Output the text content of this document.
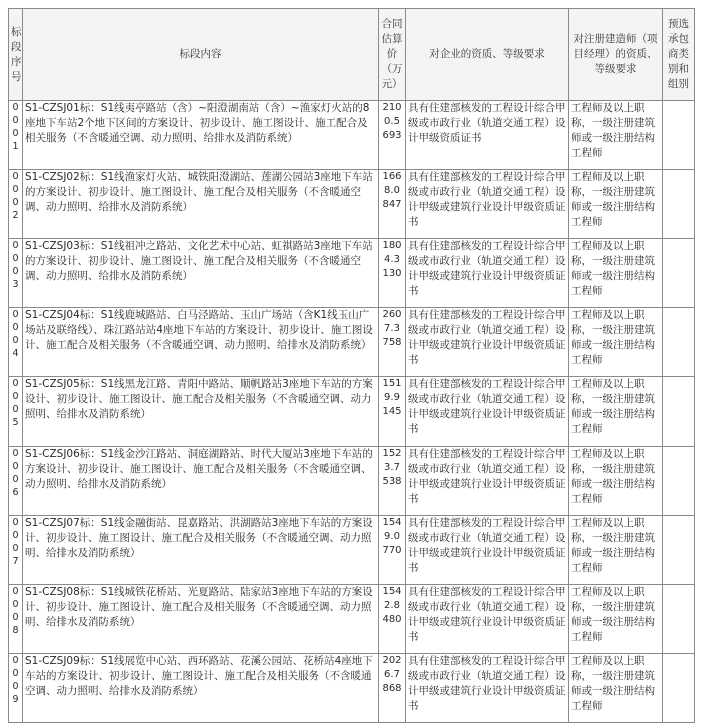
标段序号	标段内容	合同估算价（万元）	对企业的资质、等级要求	对注册建造师（项目经理）的资质、等级要求	预选承包商类别和组别
0001	S1-CZSJ01标：S1线夷亭路站（含）~阳澄湖南站（含）~渔家灯火站的8座地下车站2个地下区间的方案设计、初步设计、施工图设计、施工配合及相关服务（不含暖通空调、动力照明、给排水及消防系统）	2100.5693	具有住建部核发的工程设计综合甲级或市政行业（轨道交通工程）设计甲级资质证书	工程师及以上职称，一级注册建筑师或一级注册结构工程师	
0002	S1-CZSJ02标：S1线渔家灯火站、城铁阳澄湖站、莲湖公园站3座地下车站的方案设计、初步设计、施工图设计、施工配合及相关服务（不含暖通空调、动力照明、给排水及消防系统）	1668.0847	具有住建部核发的工程设计综合甲级或市政行业（轨道交通工程）设计甲级或建筑行业设计甲级资质证书	工程师及以上职称，一级注册建筑师或一级注册结构工程师	
0003	S1-CZSJ03标：S1线祖冲之路站、文化艺术中心站、虹祺路站3座地下车站的方案设计、初步设计、施工图设计、施工配合及相关服务（不含暖通空调、动力照明、给排水及消防系统）	1804.3130	具有住建部核发的工程设计综合甲级或市政行业（轨道交通工程）设计甲级或建筑行业设计甲级资质证书	工程师及以上职称，一级注册建筑师或一级注册结构工程师	
0004	S1-CZSJ04标：S1线鹿城路站、白马泾路站、玉山广场站（含K1线玉山广场站及联络线）、珠江路站站4座地下车站的方案设计、初步设计、施工图设计、施工配合及相关服务（不含暖通空调、动力照明、给排水及消防系统）	2607.3758	具有住建部核发的工程设计综合甲级或市政行业（轨道交通工程）设计甲级或建筑行业设计甲级资质证书	工程师及以上职称，一级注册建筑师或一级注册结构工程师	
0005	S1-CZSJ05标：S1线黑龙江路、青阳中路站、顺帆路站3座地下车站的方案设计、初步设计、施工图设计、施工配合及相关服务（不含暖通空调、动力照明、给排水及消防系统）	1519.9145	具有住建部核发的工程设计综合甲级或市政行业（轨道交通工程）设计甲级或建筑行业设计甲级资质证书	工程师及以上职称，一级注册建筑师或一级注册结构工程师	
0006	S1-CZSJ06标：S1线金沙江路站、洞庭湖路站、时代大厦站3座地下车站的方案设计、初步设计、施工图设计、施工配合及相关服务（不含暖通空调、动力照明、给排水及消防系统）	1523.7538	具有住建部核发的工程设计综合甲级或市政行业（轨道交通工程）设计甲级或建筑行业设计甲级资质证书	工程师及以上职称，一级注册建筑师或一级注册结构工程师	
0007	S1-CZSJ07标：S1线金融街站、昆嘉路站、洪湖路站3座地下车站的方案设计、初步设计、施工图设计、施工配合及相关服务（不含暖通空调、动力照明、给排水及消防系统）	1549.0770	具有住建部核发的工程设计综合甲级或市政行业（轨道交通工程）设计甲级或建筑行业设计甲级资质证书	工程师及以上职称，一级注册建筑师或一级注册结构工程师	
0008	S1-CZSJ08标：S1线城铁花桥站、光夏路站、陆家站3座地下车站的方案设计、初步设计、施工图设计、施工配合及相关服务（不含暖通空调、动力照明、给排水及消防系统）	1542.8480	具有住建部核发的工程设计综合甲级或市政行业（轨道交通工程）设计甲级或建筑行业设计甲级资质证书	工程师及以上职称，一级注册建筑师或一级注册结构工程师	
0009	S1-CZSJ09标：S1线展览中心站、西环路站、花溪公园站、花桥站4座地下车站的方案设计、初步设计、施工图设计、施工配合及相关服务（不含暖通空调、动力照明、给排水及消防系统）	2026.7868	具有住建部核发的工程设计综合甲级或市政行业（轨道交通工程）设计甲级或建筑行业设计甲级资质证书	工程师及以上职称，一级注册建筑师或一级注册结构工程师	
